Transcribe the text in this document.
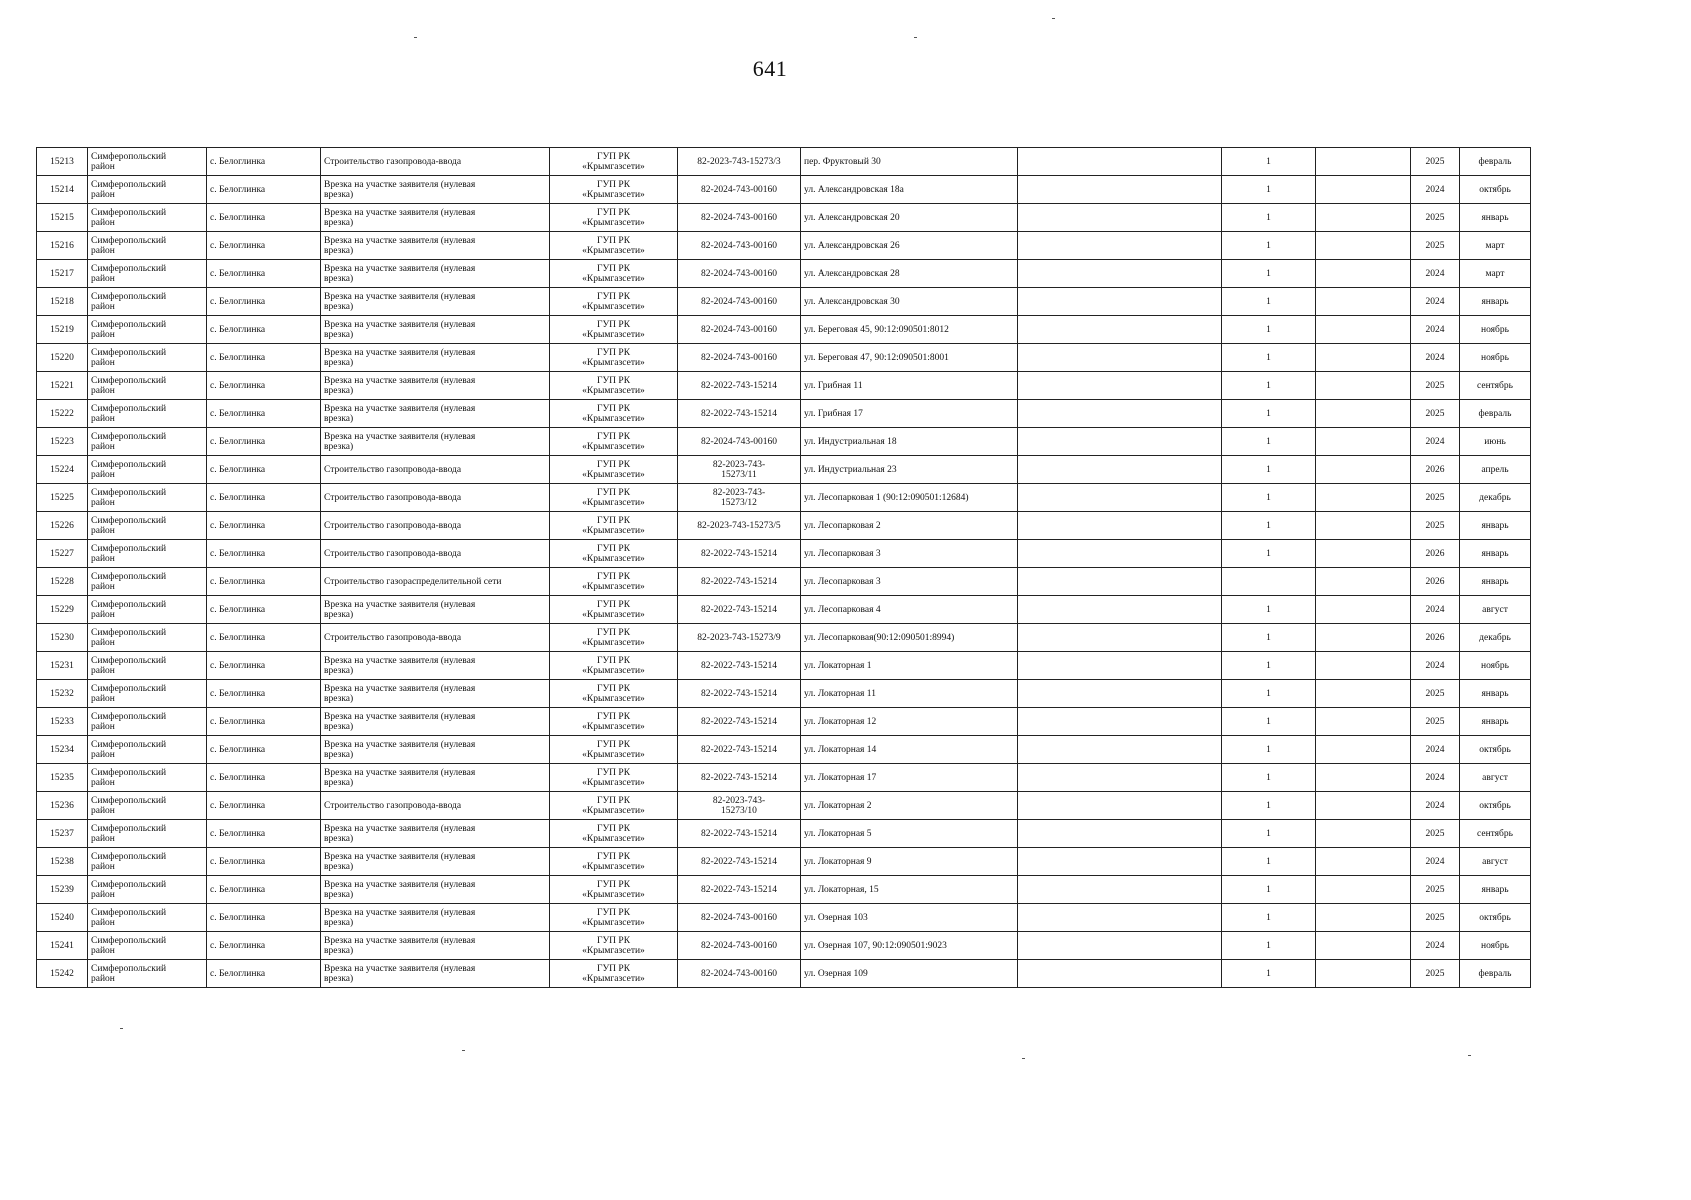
641
15213	Симферопольский
район	с. Белоглинка	Строительство газопровода-ввода	ГУП РК
«Крымгазсети»	82-2023-743-15273/3	пер. Фруктовый 30		1		2025	февраль
15214	Симферопольский
район	с. Белоглинка	Врезка на участке заявителя (нулевая
врезка)	ГУП РК
«Крымгазсети»	82-2024-743-00160	ул. Александровская 18а		1		2024	октябрь
15215	Симферопольский
район	с. Белоглинка	Врезка на участке заявителя (нулевая
врезка)	ГУП РК
«Крымгазсети»	82-2024-743-00160	ул. Александровская 20		1		2025	январь
15216	Симферопольский
район	с. Белоглинка	Врезка на участке заявителя (нулевая
врезка)	ГУП РК
«Крымгазсети»	82-2024-743-00160	ул. Александровская 26		1		2025	март
15217	Симферопольский
район	с. Белоглинка	Врезка на участке заявителя (нулевая
врезка)	ГУП РК
«Крымгазсети»	82-2024-743-00160	ул. Александровская 28		1		2024	март
15218	Симферопольский
район	с. Белоглинка	Врезка на участке заявителя (нулевая
врезка)	ГУП РК
«Крымгазсети»	82-2024-743-00160	ул. Александровская 30		1		2024	январь
15219	Симферопольский
район	с. Белоглинка	Врезка на участке заявителя (нулевая
врезка)	ГУП РК
«Крымгазсети»	82-2024-743-00160	ул. Береговая 45, 90:12:090501:8012		1		2024	ноябрь
15220	Симферопольский
район	с. Белоглинка	Врезка на участке заявителя (нулевая
врезка)	ГУП РК
«Крымгазсети»	82-2024-743-00160	ул. Береговая 47, 90:12:090501:8001		1		2024	ноябрь
15221	Симферопольский
район	с. Белоглинка	Врезка на участке заявителя (нулевая
врезка)	ГУП РК
«Крымгазсети»	82-2022-743-15214	ул. Грибная 11		1		2025	сентябрь
15222	Симферопольский
район	с. Белоглинка	Врезка на участке заявителя (нулевая
врезка)	ГУП РК
«Крымгазсети»	82-2022-743-15214	ул. Грибная 17		1		2025	февраль
15223	Симферопольский
район	с. Белоглинка	Врезка на участке заявителя (нулевая
врезка)	ГУП РК
«Крымгазсети»	82-2024-743-00160	ул. Индустриальная 18		1		2024	июнь
15224	Симферопольский
район	с. Белоглинка	Строительство газопровода-ввода	ГУП РК
«Крымгазсети»	82-2023-743-
15273/11	ул. Индустриальная 23		1		2026	апрель
15225	Симферопольский
район	с. Белоглинка	Строительство газопровода-ввода	ГУП РК
«Крымгазсети»	82-2023-743-
15273/12	ул. Лесопарковая 1 (90:12:090501:12684)		1		2025	декабрь
15226	Симферопольский
район	с. Белоглинка	Строительство газопровода-ввода	ГУП РК
«Крымгазсети»	82-2023-743-15273/5	ул. Лесопарковая 2		1		2025	январь
15227	Симферопольский
район	с. Белоглинка	Строительство газопровода-ввода	ГУП РК
«Крымгазсети»	82-2022-743-15214	ул. Лесопарковая 3		1		2026	январь
15228	Симферопольский
район	с. Белоглинка	Строительство газораспределительной сети	ГУП РК
«Крымгазсети»	82-2022-743-15214	ул. Лесопарковая 3				2026	январь
15229	Симферопольский
район	с. Белоглинка	Врезка на участке заявителя (нулевая
врезка)	ГУП РК
«Крымгазсети»	82-2022-743-15214	ул. Лесопарковая 4		1		2024	август
15230	Симферопольский
район	с. Белоглинка	Строительство газопровода-ввода	ГУП РК
«Крымгазсети»	82-2023-743-15273/9	ул. Лесопарковая(90:12:090501:8994)		1		2026	декабрь
15231	Симферопольский
район	с. Белоглинка	Врезка на участке заявителя (нулевая
врезка)	ГУП РК
«Крымгазсети»	82-2022-743-15214	ул. Локаторная 1		1		2024	ноябрь
15232	Симферопольский
район	с. Белоглинка	Врезка на участке заявителя (нулевая
врезка)	ГУП РК
«Крымгазсети»	82-2022-743-15214	ул. Локаторная 11		1		2025	январь
15233	Симферопольский
район	с. Белоглинка	Врезка на участке заявителя (нулевая
врезка)	ГУП РК
«Крымгазсети»	82-2022-743-15214	ул. Локаторная 12		1		2025	январь
15234	Симферопольский
район	с. Белоглинка	Врезка на участке заявителя (нулевая
врезка)	ГУП РК
«Крымгазсети»	82-2022-743-15214	ул. Локаторная 14		1		2024	октябрь
15235	Симферопольский
район	с. Белоглинка	Врезка на участке заявителя (нулевая
врезка)	ГУП РК
«Крымгазсети»	82-2022-743-15214	ул. Локаторная 17		1		2024	август
15236	Симферопольский
район	с. Белоглинка	Строительство газопровода-ввода	ГУП РК
«Крымгазсети»	82-2023-743-
15273/10	ул. Локаторная 2		1		2024	октябрь
15237	Симферопольский
район	с. Белоглинка	Врезка на участке заявителя (нулевая
врезка)	ГУП РК
«Крымгазсети»	82-2022-743-15214	ул. Локаторная 5		1		2025	сентябрь
15238	Симферопольский
район	с. Белоглинка	Врезка на участке заявителя (нулевая
врезка)	ГУП РК
«Крымгазсети»	82-2022-743-15214	ул. Локаторная 9		1		2024	август
15239	Симферопольский
район	с. Белоглинка	Врезка на участке заявителя (нулевая
врезка)	ГУП РК
«Крымгазсети»	82-2022-743-15214	ул. Локаторная, 15		1		2025	январь
15240	Симферопольский
район	с. Белоглинка	Врезка на участке заявителя (нулевая
врезка)	ГУП РК
«Крымгазсети»	82-2024-743-00160	ул. Озерная 103		1		2025	октябрь
15241	Симферопольский
район	с. Белоглинка	Врезка на участке заявителя (нулевая
врезка)	ГУП РК
«Крымгазсети»	82-2024-743-00160	ул. Озерная 107, 90:12:090501:9023		1		2024	ноябрь
15242	Симферопольский
район	с. Белоглинка	Врезка на участке заявителя (нулевая
врезка)	ГУП РК
«Крымгазсети»	82-2024-743-00160	ул. Озерная 109		1		2025	февраль
